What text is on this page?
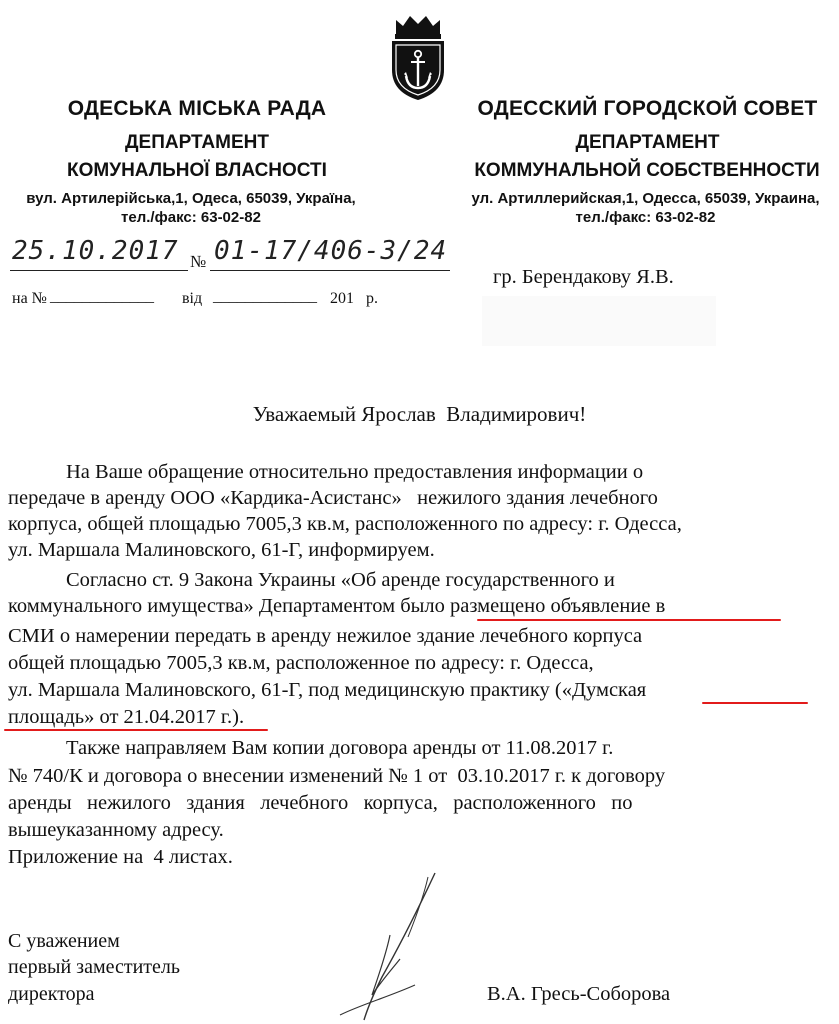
ОДЕСЬКА МІСЬКА РАДА
ДЕПАРТАМЕНТ
КОМУНАЛЬНОЇ ВЛАСНОСТІ
вул. Артилерійська,1, Одеса, 65039, Україна,
тел./факс: 63-02-82
ОДЕССКИЙ ГОРОДСКОЙ СОВЕТ
ДЕПАРТАМЕНТ
КОММУНАЛЬНОЙ СОБСТВЕННОСТИ
ул. Артиллерийская,1, Одесса, 65039, Украина,
тел./факс: 63-02-82
25.10.2017 № 01-17/406-3/24
на № _____________ від _____________ 201   р.
гр. Берендакову Я.В.
Уважаемый Ярослав  Владимирович!
На Ваше обращение относительно предоставления информации о
передаче в аренду ООО «Кардика-Асистанс»   нежилого здания лечебного
корпуса, общей площадью 7005,3 кв.м, расположенного по адресу: г. Одесса,
ул. Маршала Малиновского, 61-Г, информируем.
Согласно ст. 9 Закона Украины «Об аренде государственного и
коммунального имущества» Департаментом было размещено объявление в
СМИ о намерении передать в аренду нежилое здание лечебного корпуса
общей площадью 7005,3 кв.м, расположенное по адресу: г. Одесса,
ул. Маршала Малиновского, 61-Г, под медицинскую практику («Думская
площадь» от 21.04.2017 г.).
Также направляем Вам копии договора аренды от 11.08.2017 г.
№ 740/К и договора о внесении изменений № 1 от  03.10.2017 г. к договору
аренды   нежилого   здания   лечебного   корпуса,   расположенного   по
вышеуказанному адресу.
Приложение на  4 листах.
С уважением
первый заместитель
директора	В.А. Гресь-Соборова
